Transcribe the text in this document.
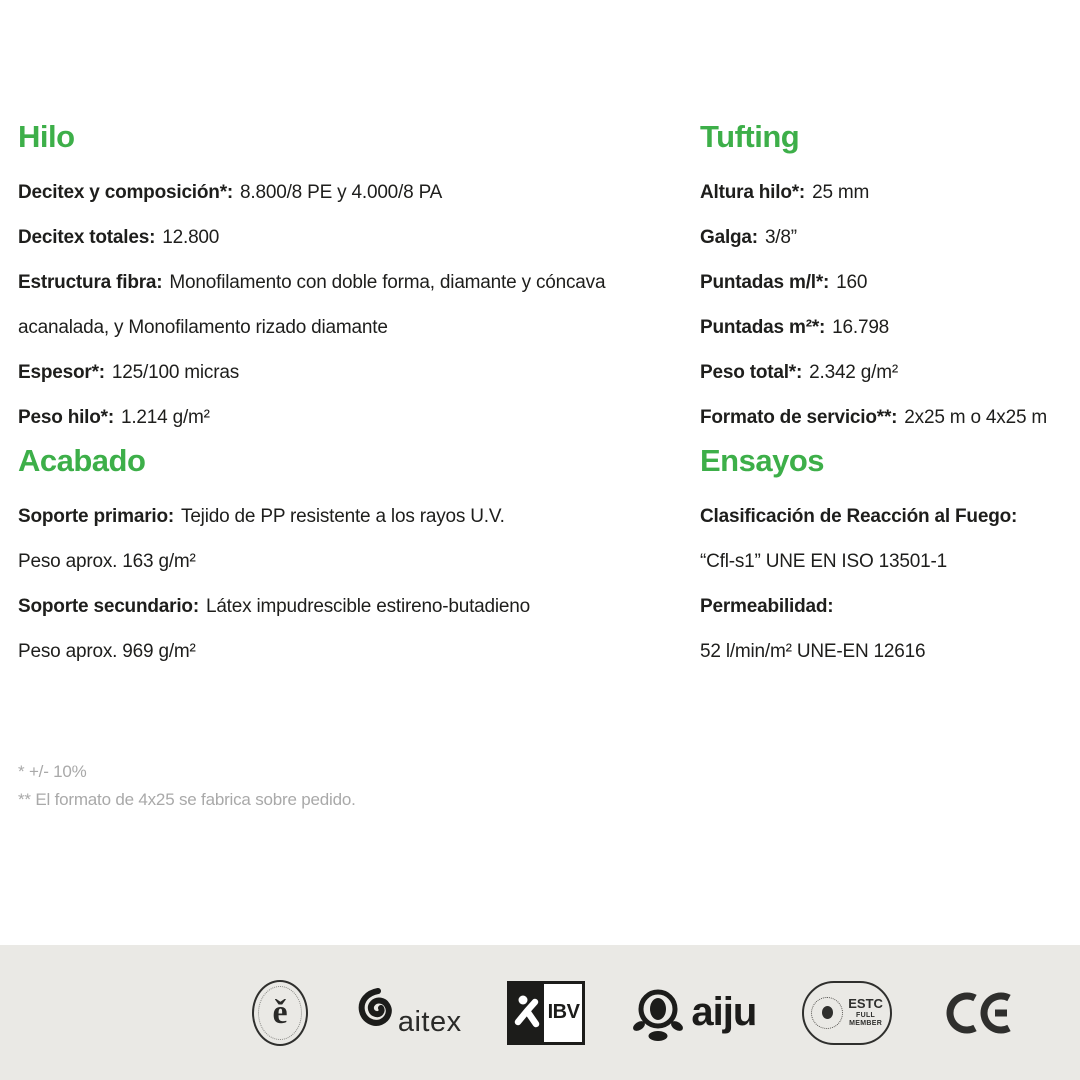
Hilo

Decitex y composición*: 8.800/8 PE y 4.000/8 PA

Decitex totales: 12.800

Estructura fibra: Monofilamento con doble forma, diamante y cóncava acanalada, y Monofilamento rizado diamante

Espesor*: 125/100 micras

Peso hilo*: 1.214 g/m²

Tufting

Altura hilo*: 25 mm

Galga: 3/8”

Puntadas m/l*: 160

Puntadas m²*: 16.798

Peso total*: 2.342 g/m²

Formato de servicio**: 2x25 m o 4x25 m

Acabado

Soporte primario: Tejido de PP resistente a los rayos U.V.

Peso aprox. 163 g/m²

Soporte secundario: Látex impudrescible estireno-butadieno

Peso aprox. 969 g/m²

Ensayos

Clasificación de Reacción al Fuego:

“Cfl-s1” UNE EN ISO 13501-1

Permeabilidad:

52 l/min/m² UNE-EN 12616

* +/- 10%

** El formato de 4x25 se fabrica sobre pedido.

ě	aitex	IBV	aiju	ESTC
FULL
MEMBER
